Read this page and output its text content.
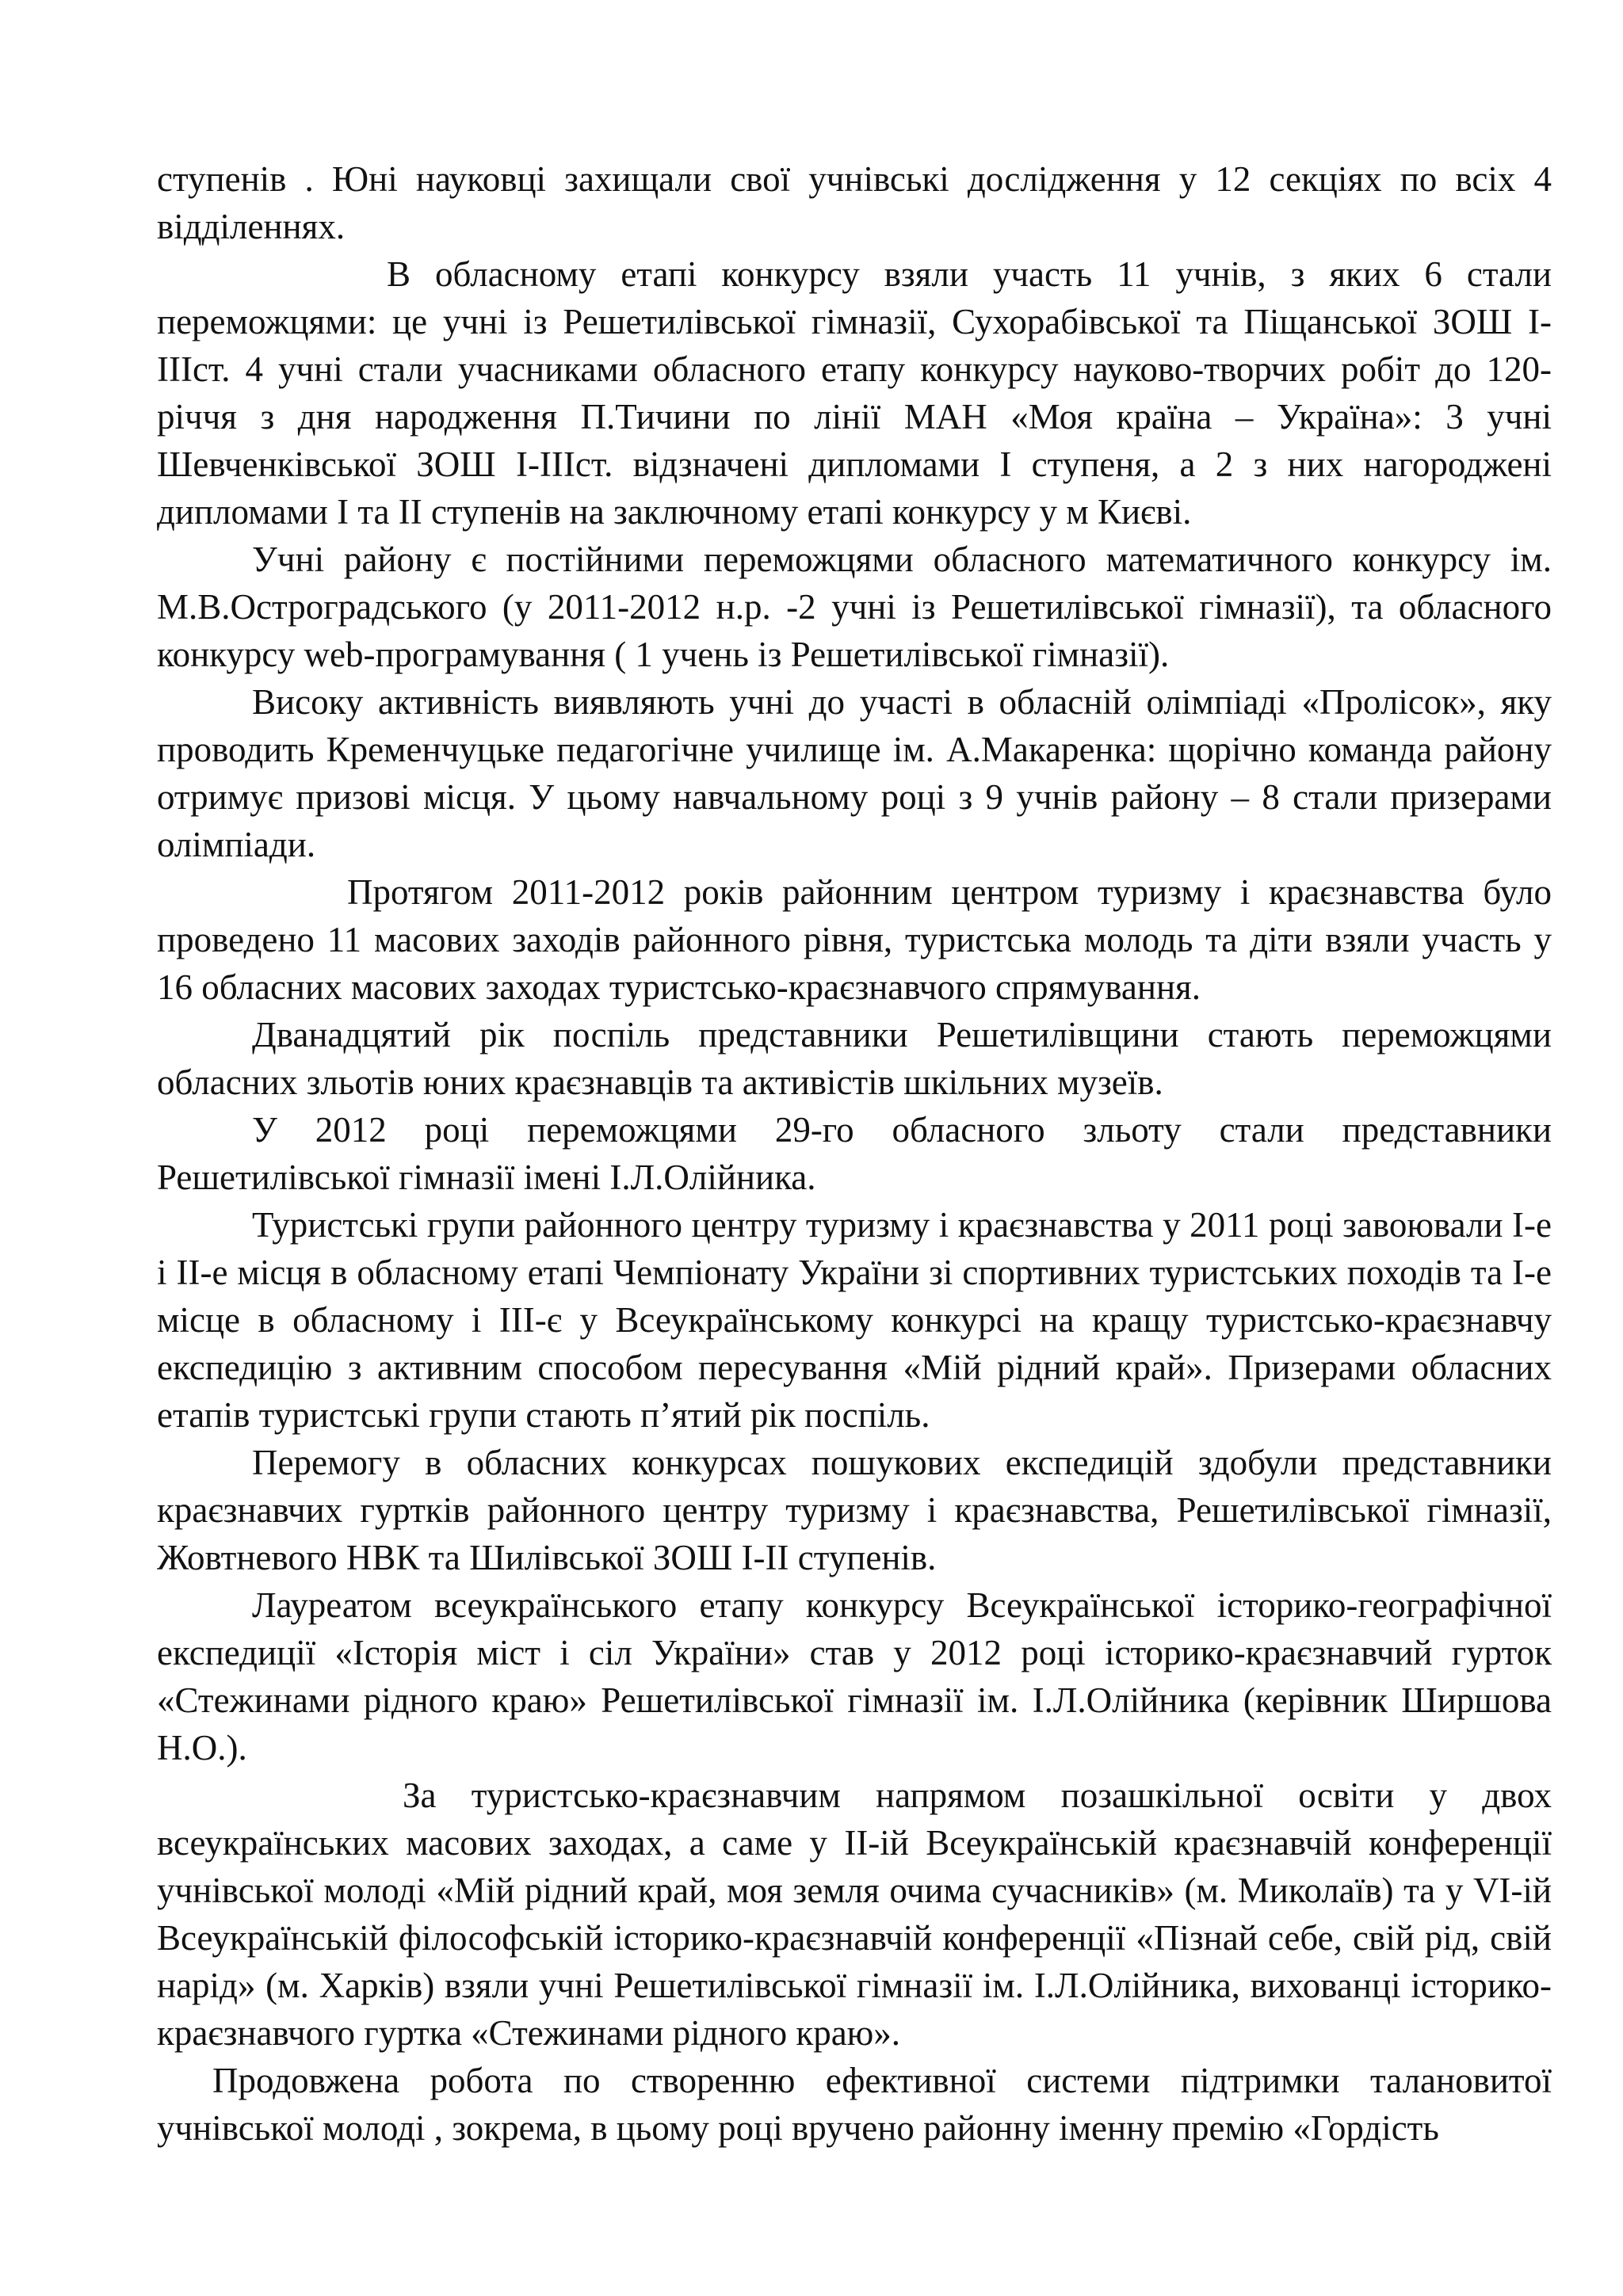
ступенів . Юні науковці захищали свої учнівські дослідження у 12 секціях по всіх 4 відділеннях.

В обласному етапі конкурсу взяли участь 11 учнів, з яких 6 стали переможцями: це учні із Решетилівської гімназії, Сухорабівської та Піщанської ЗОШ І-ІІІст. 4 учні стали учасниками обласного етапу конкурсу науково-творчих робіт до 120-річчя з дня народження П.Тичини по лінії МАН «Моя країна – Україна»: 3 учні Шевченківської ЗОШ І-ІІІст. відзначені дипломами І ступеня, а 2 з них нагороджені дипломами І та ІІ ступенів на заключному етапі конкурсу у м Києві.

Учні району є постійними переможцями обласного математичного конкурсу ім. М.В.Остроградського (у 2011-2012 н.р. -2 учні із Решетилівської гімназії), та обласного конкурсу web-програмування ( 1 учень із Решетилівської гімназії).

Високу активність виявляють учні до участі в обласній олімпіаді «Пролісок», яку проводить Кременчуцьке педагогічне училище ім. А.Макаренка: щорічно команда району отримує призові місця. У цьому навчальному році з 9 учнів району – 8 стали призерами олімпіади.

Протягом 2011-2012 років районним центром туризму і краєзнавства було проведено 11 масових заходів районного рівня, туристська молодь та діти взяли участь у 16 обласних масових заходах туристсько-краєзнавчого спрямування.

Дванадцятий рік поспіль представники Решетилівщини стають переможцями обласних зльотів юних краєзнавців та активістів шкільних музеїв.

У 2012 році переможцями 29-го обласного зльоту стали представники Решетилівської гімназії імені І.Л.Олійника.

Туристські групи районного центру туризму і краєзнавства у 2011 році завоювали І-е і ІІ-е місця в обласному етапі Чемпіонату України зі спортивних туристських походів та І-е місце в обласному і ІІІ-є у Всеукраїнському конкурсі на кращу туристсько-краєзнавчу експедицію з активним способом пересування «Мій рідний край». Призерами обласних етапів туристські групи стають п’ятий рік поспіль.

Перемогу в обласних конкурсах пошукових експедицій здобули представники краєзнавчих гуртків районного центру туризму і краєзнавства, Решетилівської гімназії, Жовтневого НВК та Шилівської ЗОШ І-ІІ ступенів.

Лауреатом всеукраїнського етапу конкурсу Всеукраїнської історико-географічної експедиції «Історія міст і сіл України» став у 2012 році історико-краєзнавчий гурток «Стежинами рідного краю» Решетилівської гімназії ім. І.Л.Олійника (керівник Ширшова Н.О.).

За туристсько-краєзнавчим напрямом позашкільної освіти у двох всеукраїнських масових заходах, а саме у ІІ-ій Всеукраїнській краєзнавчій конференції учнівської молоді «Мій рідний край, моя земля очима сучасників» (м. Миколаїв) та у VІ-ій Всеукраїнській філософській історико-краєзнавчій конференції «Пізнай себе, свій рід, свій нарід» (м. Харків) взяли учні Решетилівської гімназії ім. І.Л.Олійника, вихованці історико-краєзнавчого гуртка «Стежинами рідного краю».

Продовжена робота по створенню ефективної системи підтримки талановитої учнівської молоді , зокрема, в цьому році вручено районну іменну премію «Гордість
